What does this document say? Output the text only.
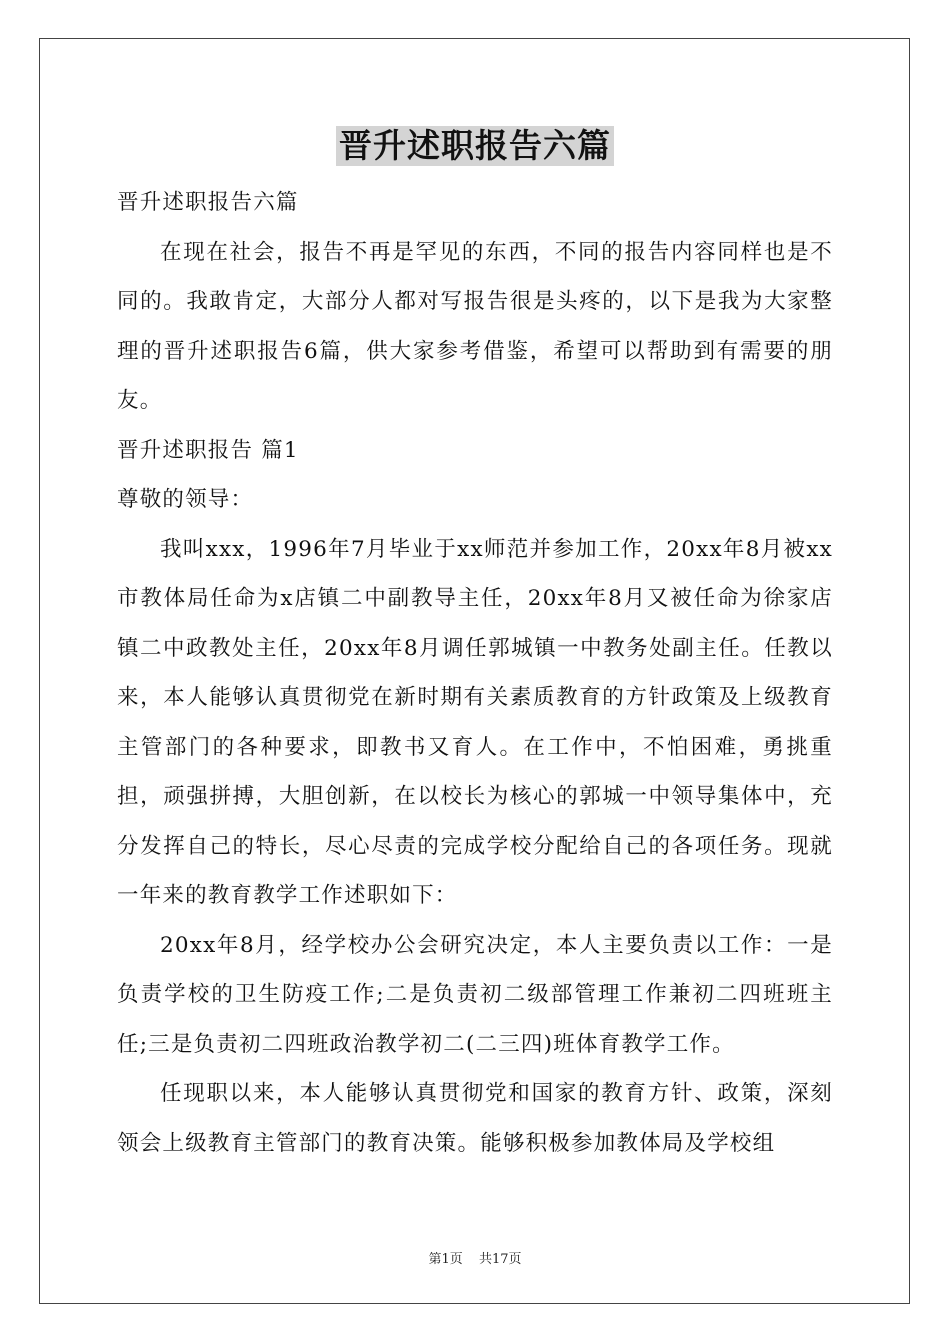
晋升述职报告六篇

晋升述职报告六篇

在现在社会，报告不再是罕见的东西，不同的报告内容同样也是不同的。我敢肯定，大部分人都对写报告很是头疼的，以下是我为大家整理的晋升述职报告6篇，供大家参考借鉴，希望可以帮助到有需要的朋友。

晋升述职报告 篇1

尊敬的领导：

我叫xxx，1996年7月毕业于xx师范并参加工作，20xx年8月被xx市教体局任命为x店镇二中副教导主任，20xx年8月又被任命为徐家店镇二中政教处主任，20xx年8月调任郭城镇一中教务处副主任。任教以来，本人能够认真贯彻党在新时期有关素质教育的方针政策及上级教育主管部门的各种要求，即教书又育人。在工作中，不怕困难，勇挑重担，顽强拼搏，大胆创新，在以校长为核心的郭城一中领导集体中，充分发挥自己的特长，尽心尽责的完成学校分配给自己的各项任务。现就一年来的教育教学工作述职如下：

20xx年8月，经学校办公会研究决定，本人主要负责以工作：一是负责学校的卫生防疫工作;二是负责初二级部管理工作兼初二四班班主任;三是负责初二四班政治教学初二(二三四)班体育教学工作。

任现职以来，本人能够认真贯彻党和国家的教育方针、政策，深刻领会上级教育主管部门的教育决策。能够积极参加教体局及学校组

第1页 共17页
